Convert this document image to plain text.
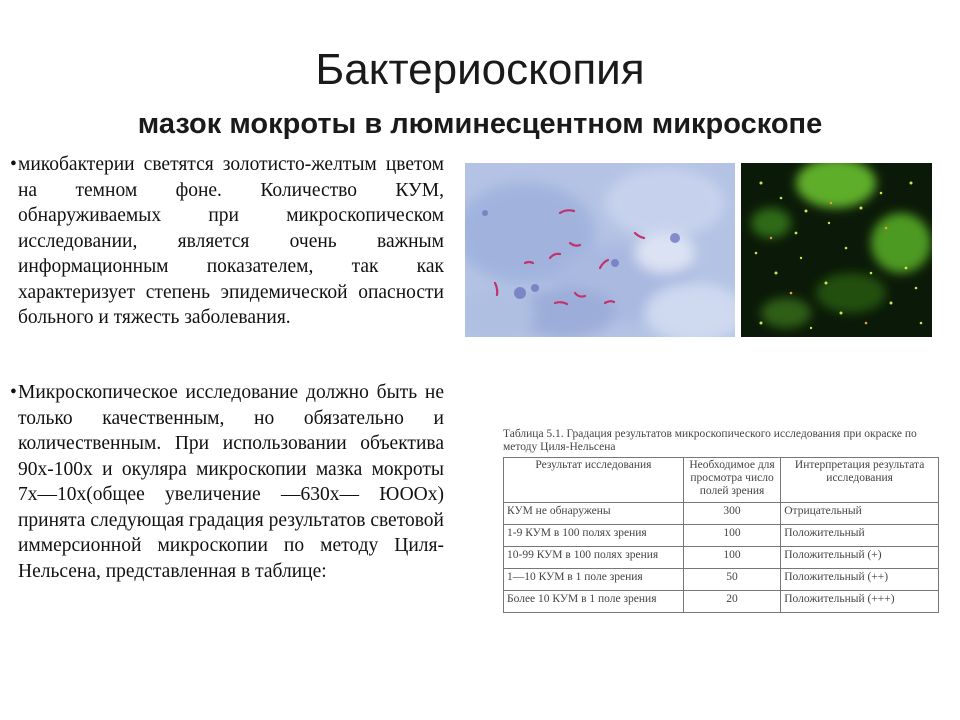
Бактериоскопия
мазок мокроты в люминесцентном микроскопе
• микобактерии светятся золотисто-желтым цветом на темном фоне. Количество КУМ, обнаруживаемых при микроскопическом исследовании, является очень важным информационным показателем, так как характеризует степень эпидемической опасности больного и тяжесть заболевания.
• Микроскопическое исследование должно быть не только качественным, но обязательно и количественным. При использовании объектива 90х-100х и окуляра микроскопии мазка мокроты 7х—10х(общее увеличение —630х— ЮООх) принята следующая градация результатов световой иммерсионной микроскопии по методу Циля-Нельсена, представленная в таблице:
Таблица 5.1. Градация результатов микроскопического исследования при окраске по методу Циля-Нельсена
Результат исследования	Необходимое для просмотра число полей зрения	Интерпретация результата исследования
КУМ не обнаружены	300	Отрицательный
1-9 КУМ в 100 полях зрения	100	Положительный
10-99 КУМ в 100 полях зрения	100	Положительный (+)
1—10 КУМ в 1 поле зрения	50	Положительный (++)
Более 10 КУМ в 1 поле зрения	20	Положительный (+++)
